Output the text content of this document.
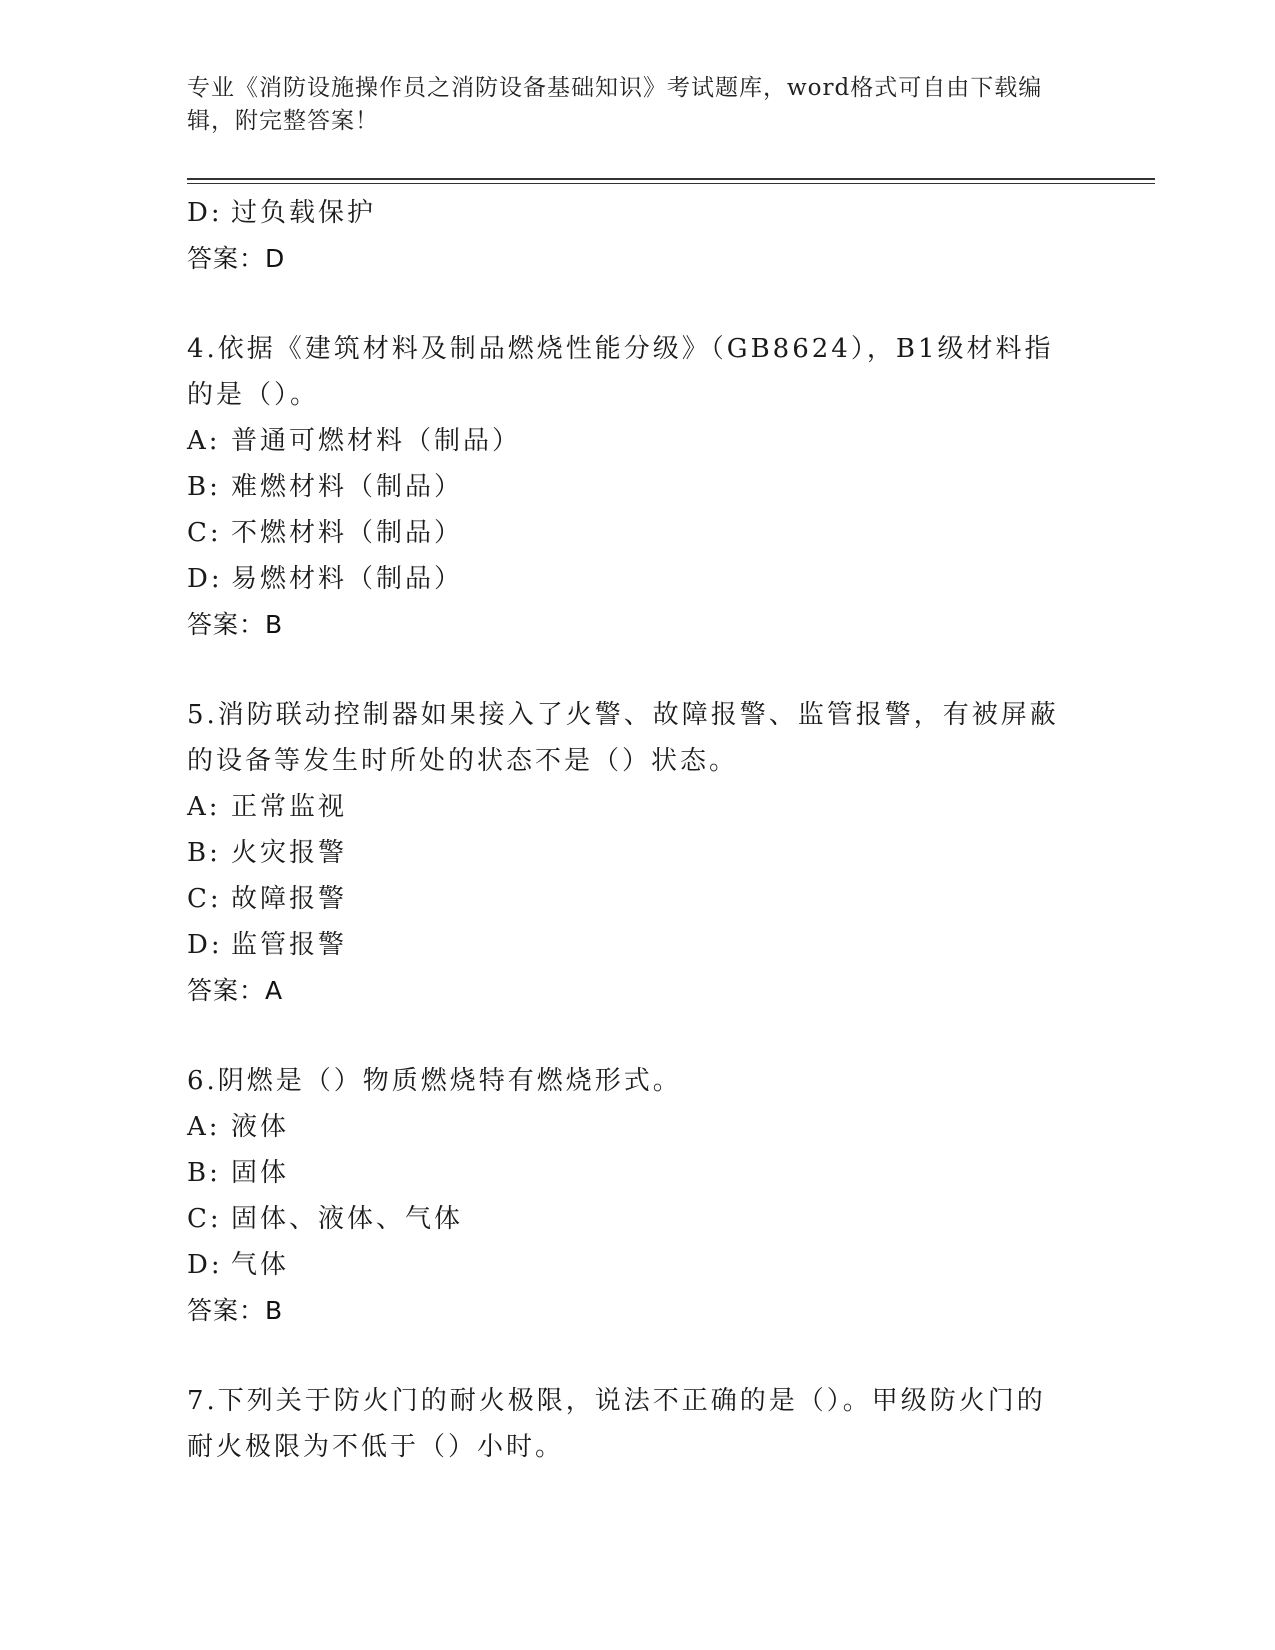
专业《消防设施操作员之消防设备基础知识》考试题库，word格式可自由下载编辑，附完整答案！
D: 过负载保护
答案：D
4.依据《建筑材料及制品燃烧性能分级》（GB8624），B1级材料指的是（）。
A: 普通可燃材料（制品）
B: 难燃材料（制品）
C: 不燃材料（制品）
D: 易燃材料（制品）
答案：B
5.消防联动控制器如果接入了火警、故障报警、监管报警，有被屏蔽的设备等发生时所处的状态不是（）状态。
A: 正常监视
B: 火灾报警
C: 故障报警
D: 监管报警
答案：A
6.阴燃是（）物质燃烧特有燃烧形式。
A: 液体
B: 固体
C: 固体、液体、气体
D: 气体
答案：B
7.下列关于防火门的耐火极限，说法不正确的是（）。甲级防火门的耐火极限为不低于（）小时。
